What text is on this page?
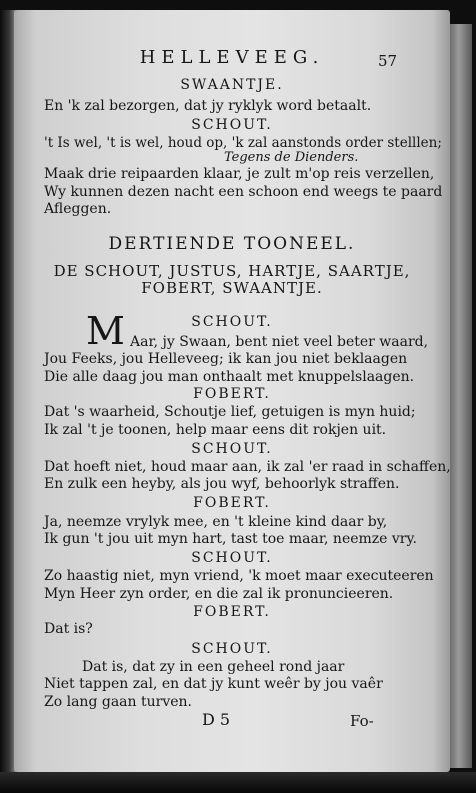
HELLEVEEG.	57
SWAANTJE.
En 'k zal bezorgen, dat jy ryklyk word betaalt.
SCHOUT.
't Is wel, 't is wel, houd op, 'k zal aanstonds order stelllen;
Tegens de Dienders.
Maak drie reipaarden klaar, je zult m'op reis verzellen,
Wy kunnen dezen nacht een schoon end weegs te paard
Afleggen.
DERTIENDE TOONEEL.
DE SCHOUT, JUSTUS, HARTJE, SAARTJE,
FOBERT, SWAANTJE.
SCHOUT.
M Aar, jy Swaan, bent niet veel beter waard,
Jou Feeks, jou Helleveeg; ik kan jou niet beklaagen
Die alle daag jou man onthaalt met knuppelslaagen.
FOBERT.
Dat 's waarheid, Schoutje lief, getuigen is myn huid;
Ik zal 't je toonen, help maar eens dit rokjen uit.
SCHOUT.
Dat hoeft niet, houd maar aan, ik zal 'er raad in schaffen,
En zulk een heyby, als jou wyf, behoorlyk straffen.
FOBERT.
Ja, neemze vrylyk mee, en 't kleine kind daar by,
Ik gun 't jou uit myn hart, tast toe maar, neemze vry.
SCHOUT.
Zo haastig niet, myn vriend, 'k moet maar executeeren
Myn Heer zyn order, en die zal ik pronuncieeren.
FOBERT.
Dat is?
SCHOUT.
Dat is, dat zy in een geheel rond jaar
Niet tappen zal, en dat jy kunt weêr by jou vaêr
Zo lang gaan turven.
D 5	Fo-
